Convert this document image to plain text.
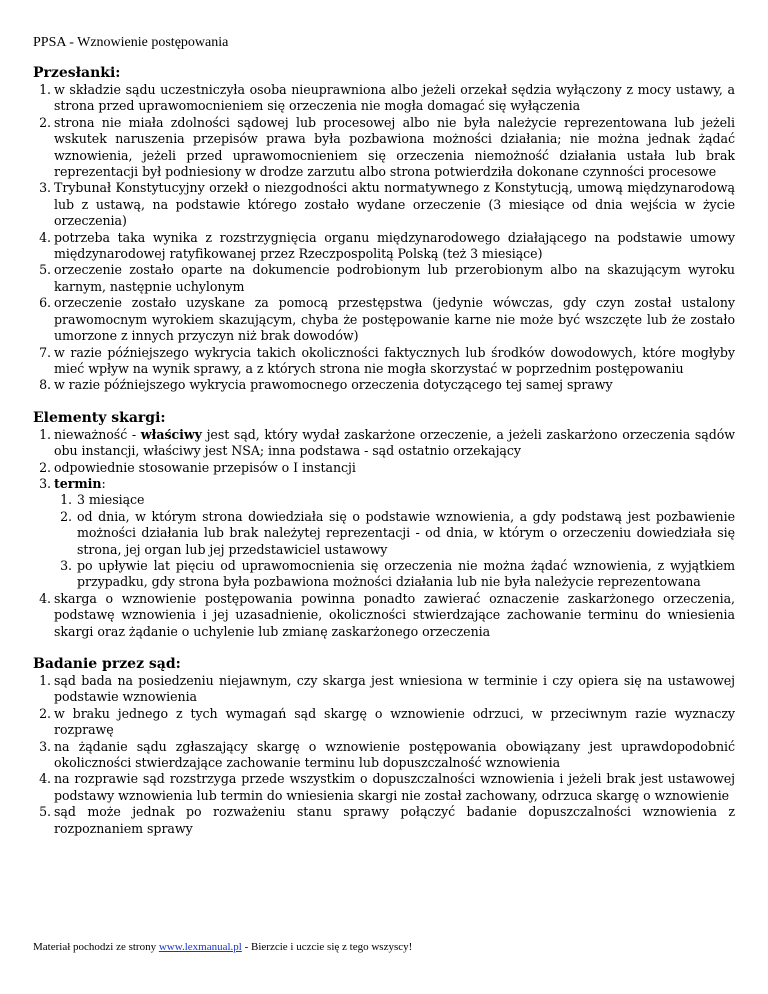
PPSA - Wznowienie postępowania
Przesłanki:
1. w składzie sądu uczestniczyła osoba nieuprawniona albo jeżeli orzekał sędzia wyłączony z mocy ustawy, a strona przed uprawomocnieniem się orzeczenia nie mogła domagać się wyłączenia
2. strona nie miała zdolności sądowej lub procesowej albo nie była należycie reprezentowana lub jeżeli wskutek naruszenia przepisów prawa była pozbawiona możności działania; nie można jednak żądać wznowienia, jeżeli przed uprawomocnieniem się orzeczenia niemożność działania ustała lub brak reprezentacji był podniesiony w drodze zarzutu albo strona potwierdziła dokonane czynności procesowe
3. Trybunał Konstytucyjny orzekł o niezgodności aktu normatywnego z Konstytucją, umową międzynarodową lub z ustawą, na podstawie którego zostało wydane orzeczenie (3 miesiące od dnia wejścia w życie orzeczenia)
4. potrzeba taka wynika z rozstrzygnięcia organu międzynarodowego działającego na podstawie umowy międzynarodowej ratyfikowanej przez Rzeczpospolitą Polską (też 3 miesiące)
5. orzeczenie zostało oparte na dokumencie podrobionym lub przerobionym albo na skazującym wyroku karnym, następnie uchylonym
6. orzeczenie zostało uzyskane za pomocą przestępstwa (jedynie wówczas, gdy czyn został ustalony prawomocnym wyrokiem skazującym, chyba że postępowanie karne nie może być wszczęte lub że zostało umorzone z innych przyczyn niż brak dowodów)
7. w razie późniejszego wykrycia takich okoliczności faktycznych lub środków dowodowych, które mogłyby mieć wpływ na wynik sprawy, a z których strona nie mogła skorzystać w poprzednim postępowaniu
8. w razie późniejszego wykrycia prawomocnego orzeczenia dotyczącego tej samej sprawy
Elementy skargi:
1. nieważność - właściwy jest sąd, który wydał zaskarżone orzeczenie, a jeżeli zaskarżono orzeczenia sądów obu instancji, właściwy jest NSA; inna podstawa - sąd ostatnio orzekający
2. odpowiednie stosowanie przepisów o I instancji
3. termin:
1. 3 miesiące
2. od dnia, w którym strona dowiedziała się o podstawie wznowienia, a gdy podstawą jest pozbawienie możności działania lub brak należytej reprezentacji - od dnia, w którym o orzeczeniu dowiedziała się strona, jej organ lub jej przedstawiciel ustawowy
3. po upływie lat pięciu od uprawomocnienia się orzeczenia nie można żądać wznowienia, z wyjątkiem przypadku, gdy strona była pozbawiona możności działania lub nie była należycie reprezentowana
4. skarga o wznowienie postępowania powinna ponadto zawierać oznaczenie zaskarżonego orzeczenia, podstawę wznowienia i jej uzasadnienie, okoliczności stwierdzające zachowanie terminu do wniesienia skargi oraz żądanie o uchylenie lub zmianę zaskarżonego orzeczenia
Badanie przez sąd:
1. sąd bada na posiedzeniu niejawnym, czy skarga jest wniesiona w terminie i czy opiera się na ustawowej podstawie wznowienia
2. w braku jednego z tych wymagań sąd skargę o wznowienie odrzuci, w przeciwnym razie wyznaczy rozprawę
3. na żądanie sądu zgłaszający skargę o wznowienie postępowania obowiązany jest uprawdopodobnić okoliczności stwierdzające zachowanie terminu lub dopuszczalność wznowienia
4. na rozprawie sąd rozstrzyga przede wszystkim o dopuszczalności wznowienia i jeżeli brak jest ustawowej podstawy wznowienia lub termin do wniesienia skargi nie został zachowany, odrzuca skargę o wznowienie
5. sąd może jednak po rozważeniu stanu sprawy połączyć badanie dopuszczalności wznowienia z rozpoznaniem sprawy
Materiał pochodzi ze strony www.lexmanual.pl - Bierzcie i uczcie się z tego wszyscy!
